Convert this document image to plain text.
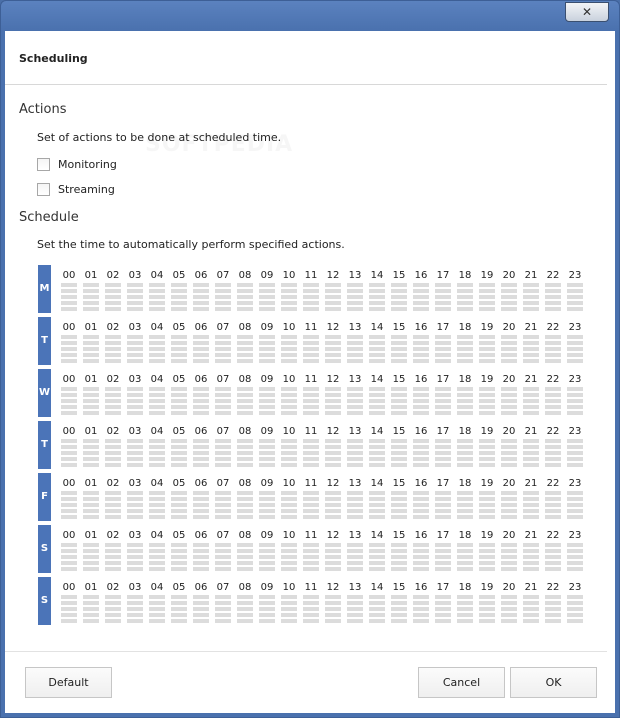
✕
Scheduling
Actions
Set of actions to be done at scheduled time.
Monitoring
Streaming
Schedule
Set the time to automatically perform specified actions.
M
00 01 02 03 04 05 06 07 08 09 10 11 12 13 14 15 16 17 18 19 20 21 22 23
T
00 01 02 03 04 05 06 07 08 09 10 11 12 13 14 15 16 17 18 19 20 21 22 23
W
00 01 02 03 04 05 06 07 08 09 10 11 12 13 14 15 16 17 18 19 20 21 22 23
T
00 01 02 03 04 05 06 07 08 09 10 11 12 13 14 15 16 17 18 19 20 21 22 23
F
00 01 02 03 04 05 06 07 08 09 10 11 12 13 14 15 16 17 18 19 20 21 22 23
S
00 01 02 03 04 05 06 07 08 09 10 11 12 13 14 15 16 17 18 19 20 21 22 23
S
00 01 02 03 04 05 06 07 08 09 10 11 12 13 14 15 16 17 18 19 20 21 22 23
Default	Cancel	OK
